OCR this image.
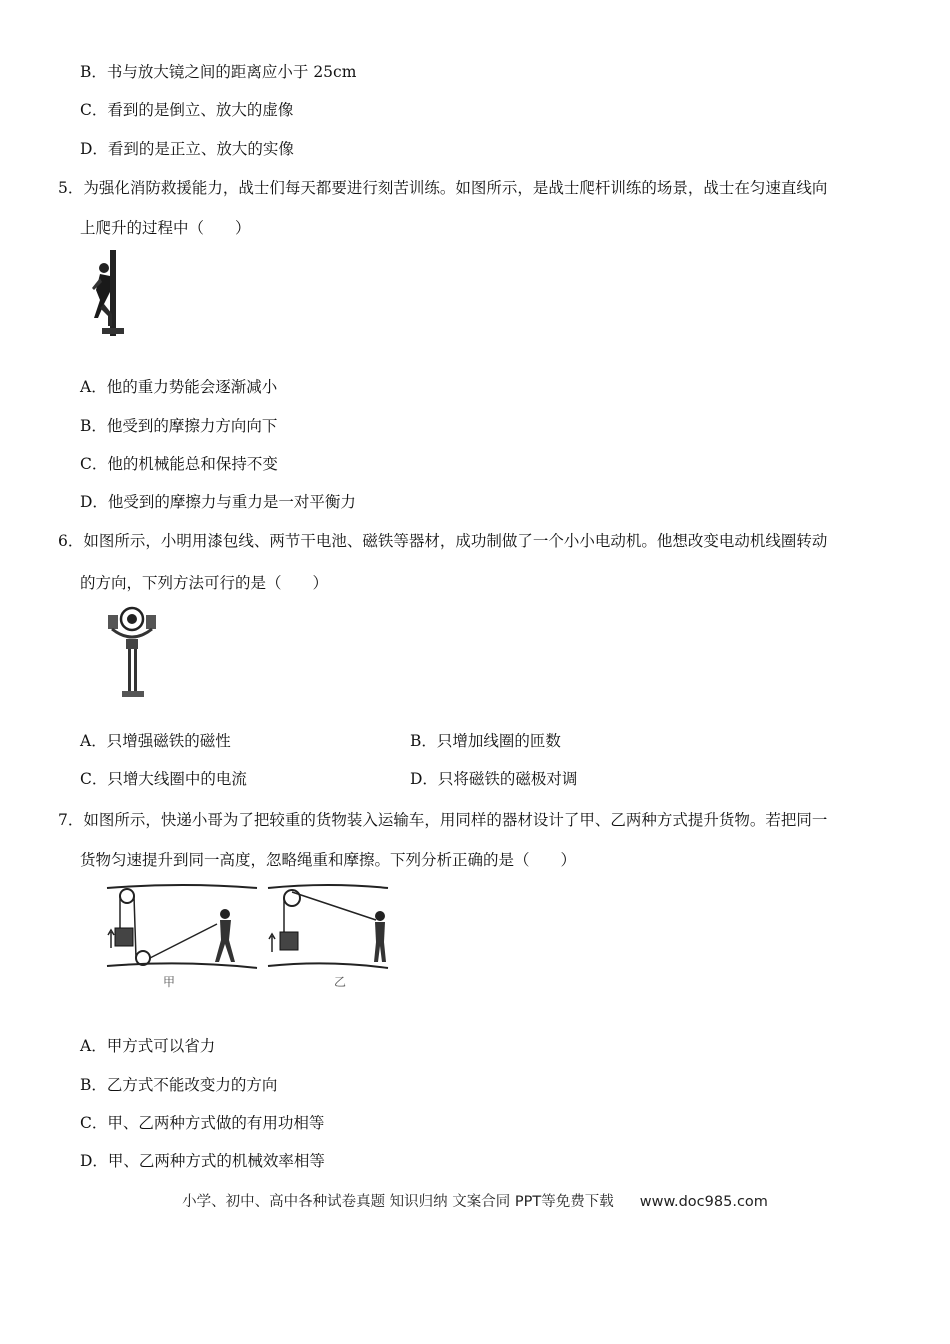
B．书与放大镜之间的距离应小于 25cm
C．看到的是倒立、放大的虚像
D．看到的是正立、放大的实像
5．为强化消防救援能力，战士们每天都要进行刻苦训练。如图所示，是战士爬杆训练的场景，战士在匀速直线向
上爬升的过程中（　　）
A．他的重力势能会逐渐减小
B．他受到的摩擦力方向向下
C．他的机械能总和保持不变
D．他受到的摩擦力与重力是一对平衡力
6．如图所示，小明用漆包线、两节干电池、磁铁等器材，成功制做了一个小小电动机。他想改变电动机线圈转动
的方向，下列方法可行的是（　　）
A．只增强磁铁的磁性	B．只增加线圈的匝数
C．只增大线圈中的电流	D．只将磁铁的磁极对调
7．如图所示，快递小哥为了把较重的货物装入运输车，用同样的器材设计了甲、乙两种方式提升货物。若把同一
货物匀速提升到同一高度，忽略绳重和摩擦。下列分析正确的是（　　）
甲	乙
A．甲方式可以省力
B．乙方式不能改变力的方向
C．甲、乙两种方式做的有用功相等
D．甲、乙两种方式的机械效率相等
小学、初中、高中各种试卷真题 知识归纳 文案合同 PPT等免费下载 www.doc985.com
